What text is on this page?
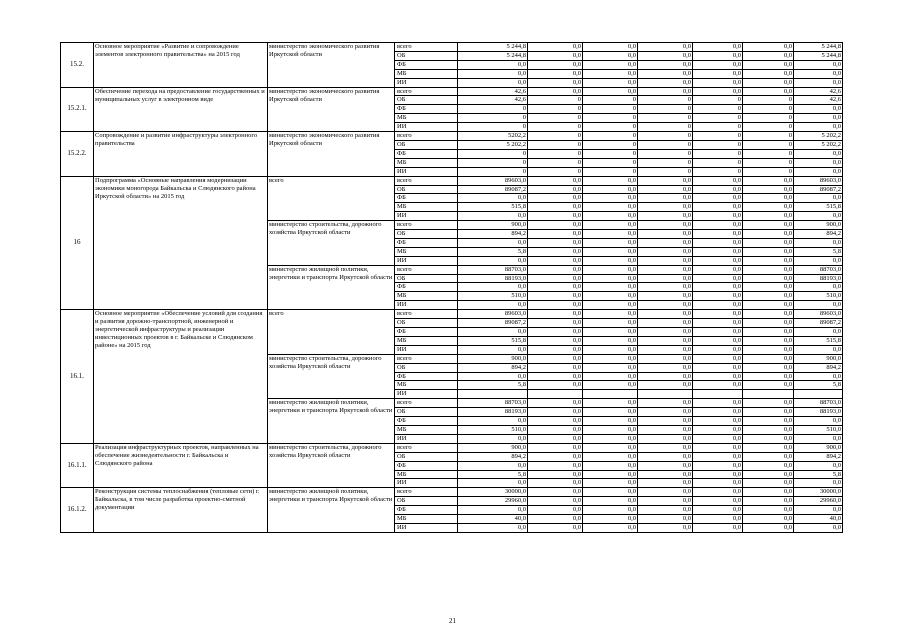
15.2.	Основное мероприятие «Развитие и сопровождение элементов электронного правительства» на 2015 год	министерство экономического развития Иркутской области	всего	5 244,8	0,0	0,0	0,0	0,0	0,0	5 244,8
			ОБ	5 244,8	0,0	0,0	0,0	0,0	0,0	5 244,8
			ФБ	0,0	0,0	0,0	0,0	0,0	0,0	0,0
			МБ	0,0	0,0	0,0	0,0	0,0	0,0	0,0
			ИИ	0,0	0,0	0,0	0,0	0,0	0,0	0,0
15.2.1.	Обеспечение перехода на предоставление государственных и муниципальных услуг в электронном виде	министерство экономического развития Иркутской области	всего	42,6	0,0	0,0	0,0	0,0	0,0	42,6
			ОБ	42,6	0	0	0	0	0	42,6
			ФБ	0	0	0	0	0	0	0,0
			МБ	0	0	0	0	0	0	0,0
			ИИ	0	0	0	0	0	0	0,0
15.2.2.	Сопровождение и развитие инфраструктуры электронного правительства	министерство экономического развития Иркутской области	всего	5202,2	0	0	0	0	0	5 202,2
			ОБ	5 202,2	0	0	0	0	0	5 202,2
			ФБ	0	0	0	0	0	0	0,0
			МБ	0	0	0	0	0	0	0,0
			ИИ	0	0	0	0	0	0	0,0
16	Подпрограмма «Основные направления модернизации экономики моногорода Байкальска и Слюдянского района Иркутской области» на 2015 год	всего	всего	89603,0	0,0	0,0	0,0	0,0	0,0	89603,0
			ОБ	89087,2	0,0	0,0	0,0	0,0	0,0	89087,2
			ФБ	0,0	0,0	0,0	0,0	0,0	0,0	0,0
			МБ	515,8	0,0	0,0	0,0	0,0	0,0	515,8
			ИИ	0,0	0,0	0,0	0,0	0,0	0,0	0,0
		министерство строительства, дорожного хозяйства Иркутской области	всего	900,0	0,0	0,0	0,0	0,0	0,0	900,0
			ОБ	894,2	0,0	0,0	0,0	0,0	0,0	894,2
			ФБ	0,0	0,0	0,0	0,0	0,0	0,0	0,0
			МБ	5,8	0,0	0,0	0,0	0,0	0,0	5,8
			ИИ	0,0	0,0	0,0	0,0	0,0	0,0	0,0
		министерство жилищной политики, энергетики и транспорта Иркутской области	всего	88703,0	0,0	0,0	0,0	0,0	0,0	88703,0
			ОБ	88193,0	0,0	0,0	0,0	0,0	0,0	88193,0
			ФБ	0,0	0,0	0,0	0,0	0,0	0,0	0,0
			МБ	510,0	0,0	0,0	0,0	0,0	0,0	510,0
			ИИ	0,0	0,0	0,0	0,0	0,0	0,0	0,0
16.1.	Основное мероприятие «Обеспечение условий для создания и развития дорожно-транспортной, инженерной и энергетической инфраструктуры и реализации инвестиционных проектов в г. Байкальске и Слюдянском районе» на 2015 год	всего	всего	89603,0	0,0	0,0	0,0	0,0	0,0	89603,0
			ОБ	89087,2	0,0	0,0	0,0	0,0	0,0	89087,2
			ФБ	0,0	0,0	0,0	0,0	0,0	0,0	0,0
			МБ	515,8	0,0	0,0	0,0	0,0	0,0	515,8
			ИИ	0,0	0,0	0,0	0,0	0,0	0,0	0,0
		министерство строительства, дорожного хозяйства Иркутской области	всего	900,0	0,0	0,0	0,0	0,0	0,0	900,0
			ОБ	894,2	0,0	0,0	0,0	0,0	0,0	894,2
			ФБ	0,0	0,0	0,0	0,0	0,0	0,0	0,0
			МБ	5,8	0,0	0,0	0,0	0,0	0,0	5,8
			ИИ							
		министерство жилищной политики, энергетики и транспорта Иркутской области	всего	88703,0	0,0	0,0	0,0	0,0	0,0	88703,0
			ОБ	88193,0	0,0	0,0	0,0	0,0	0,0	88193,0
			ФБ	0,0	0,0	0,0	0,0	0,0	0,0	0,0
			МБ	510,0	0,0	0,0	0,0	0,0	0,0	510,0
			ИИ	0,0	0,0	0,0	0,0	0,0	0,0	0,0
16.1.1.	Реализация инфраструктурных проектов, направленных на обеспечение жизнедеятельности г. Байкальска и Слюдянского района	министерство строительства, дорожного хозяйства Иркутской области	всего	900,0	0,0	0,0	0,0	0,0	0,0	900,0
			ОБ	894,2	0,0	0,0	0,0	0,0	0,0	894,2
			ФБ	0,0	0,0	0,0	0,0	0,0	0,0	0,0
			МБ	5,8	0,0	0,0	0,0	0,0	0,0	5,8
			ИИ	0,0	0,0	0,0	0,0	0,0	0,0	0,0
16.1.2.	Реконструкция системы теплоснабжения (тепловые сети) г. Байкальска, в том числе разработка проектно-сметной документации	министерство жилищной политики, энергетики и транспорта Иркутской области	всего	30000,0	0,0	0,0	0,0	0,0	0,0	30000,0
			ОБ	29960,0	0,0	0,0	0,0	0,0	0,0	29960,0
			ФБ	0,0	0,0	0,0	0,0	0,0	0,0	0,0
			МБ	40,0	0,0	0,0	0,0	0,0	0,0	40,0
			ИИ	0,0	0,0	0,0	0,0	0,0	0,0	0,0
21
